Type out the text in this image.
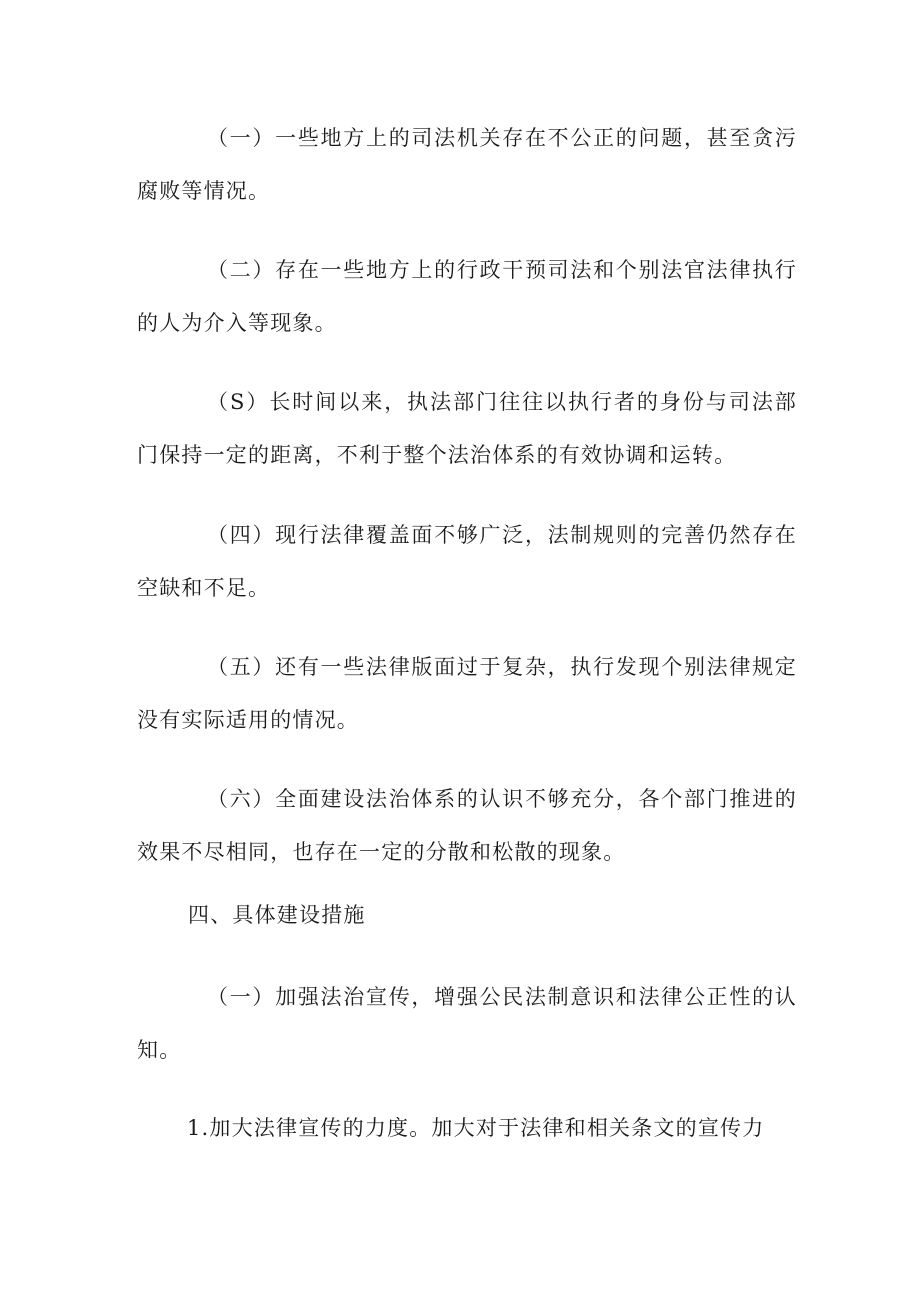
（一）一些地方上的司法机关存在不公正的问题，甚至贪污腐败等情况。

（二）存在一些地方上的行政干预司法和个别法官法律执行的人为介入等现象。

（S）长时间以来，执法部门往往以执行者的身份与司法部门保持一定的距离，不利于整个法治体系的有效协调和运转。

（四）现行法律覆盖面不够广泛，法制规则的完善仍然存在空缺和不足。

（五）还有一些法律版面过于复杂，执行发现个别法律规定没有实际适用的情况。

（六）全面建设法治体系的认识不够充分，各个部门推进的效果不尽相同，也存在一定的分散和松散的现象。

四、具体建设措施

（一）加强法治宣传，增强公民法制意识和法律公正性的认知。

1.加大法律宣传的力度。加大对于法律和相关条文的宣传力
